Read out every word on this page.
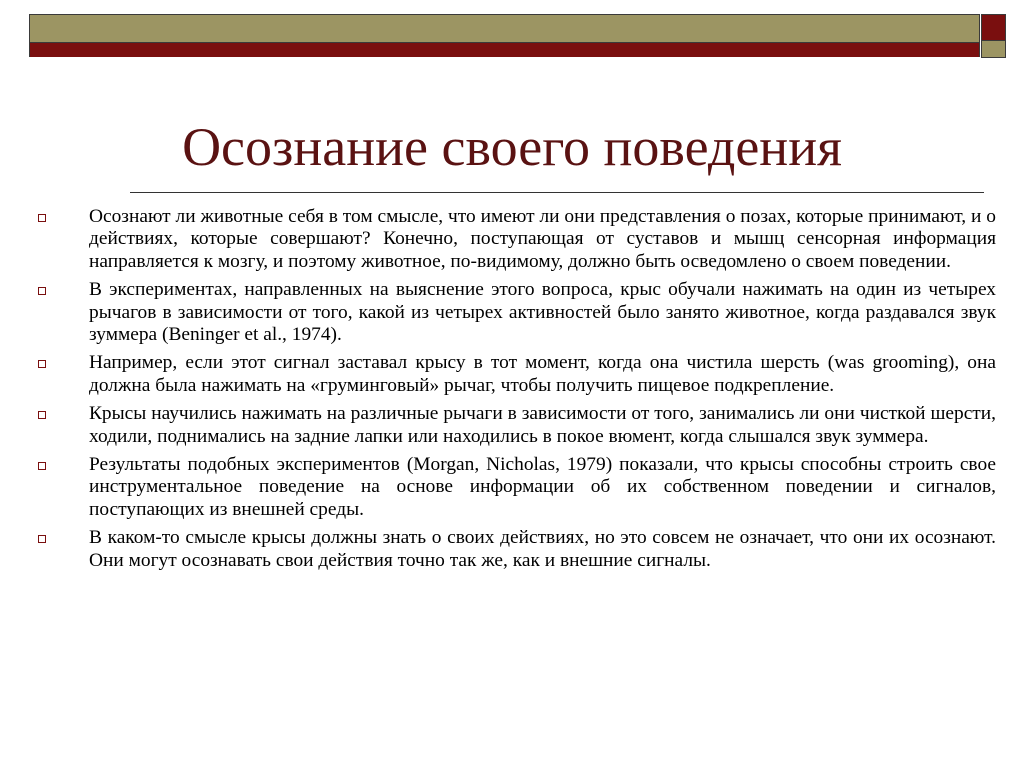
Осознание своего поведения
Осознают ли животные себя в том смысле, что имеют ли они представления о позах, которые принимают, и о действиях, которые совершают? Конечно, поступающая от суставов и мышц сенсорная информация направляется к мозгу, и поэтому животное, по-видимому, должно быть осведомлено о своем поведении.
В экспериментах, направленных на выяснение этого вопроса, крыс обучали нажимать на один из четырех рычагов в зависимости от того, какой из четырех активностей было занято животное, когда раздавался звук зуммера (Beninger et al., 1974).
Например, если этот сигнал заставал крысу в тот момент, когда она чистила шерсть (was grooming), она должна была нажимать на «груминговый» рычаг, чтобы получить пищевое подкрепление.
Крысы научились нажимать на различные рычаги в зависимости от того, занимались ли они чисткой шерсти, ходили, поднимались на задние лапки или находились в покое вюмент, когда слышался звук зуммера.
Результаты подобных экспериментов (Morgan, Nicholas, 1979) показали, что крысы способны строить свое инструментальное поведение на основе информации об их собственном поведении и сигналов, поступающих из внешней среды.
В каком-то смысле крысы должны знать о своих действиях, но это совсем не означает, что они их осознают. Они могут осознавать свои действия точно так же, как и внешние сигналы.
